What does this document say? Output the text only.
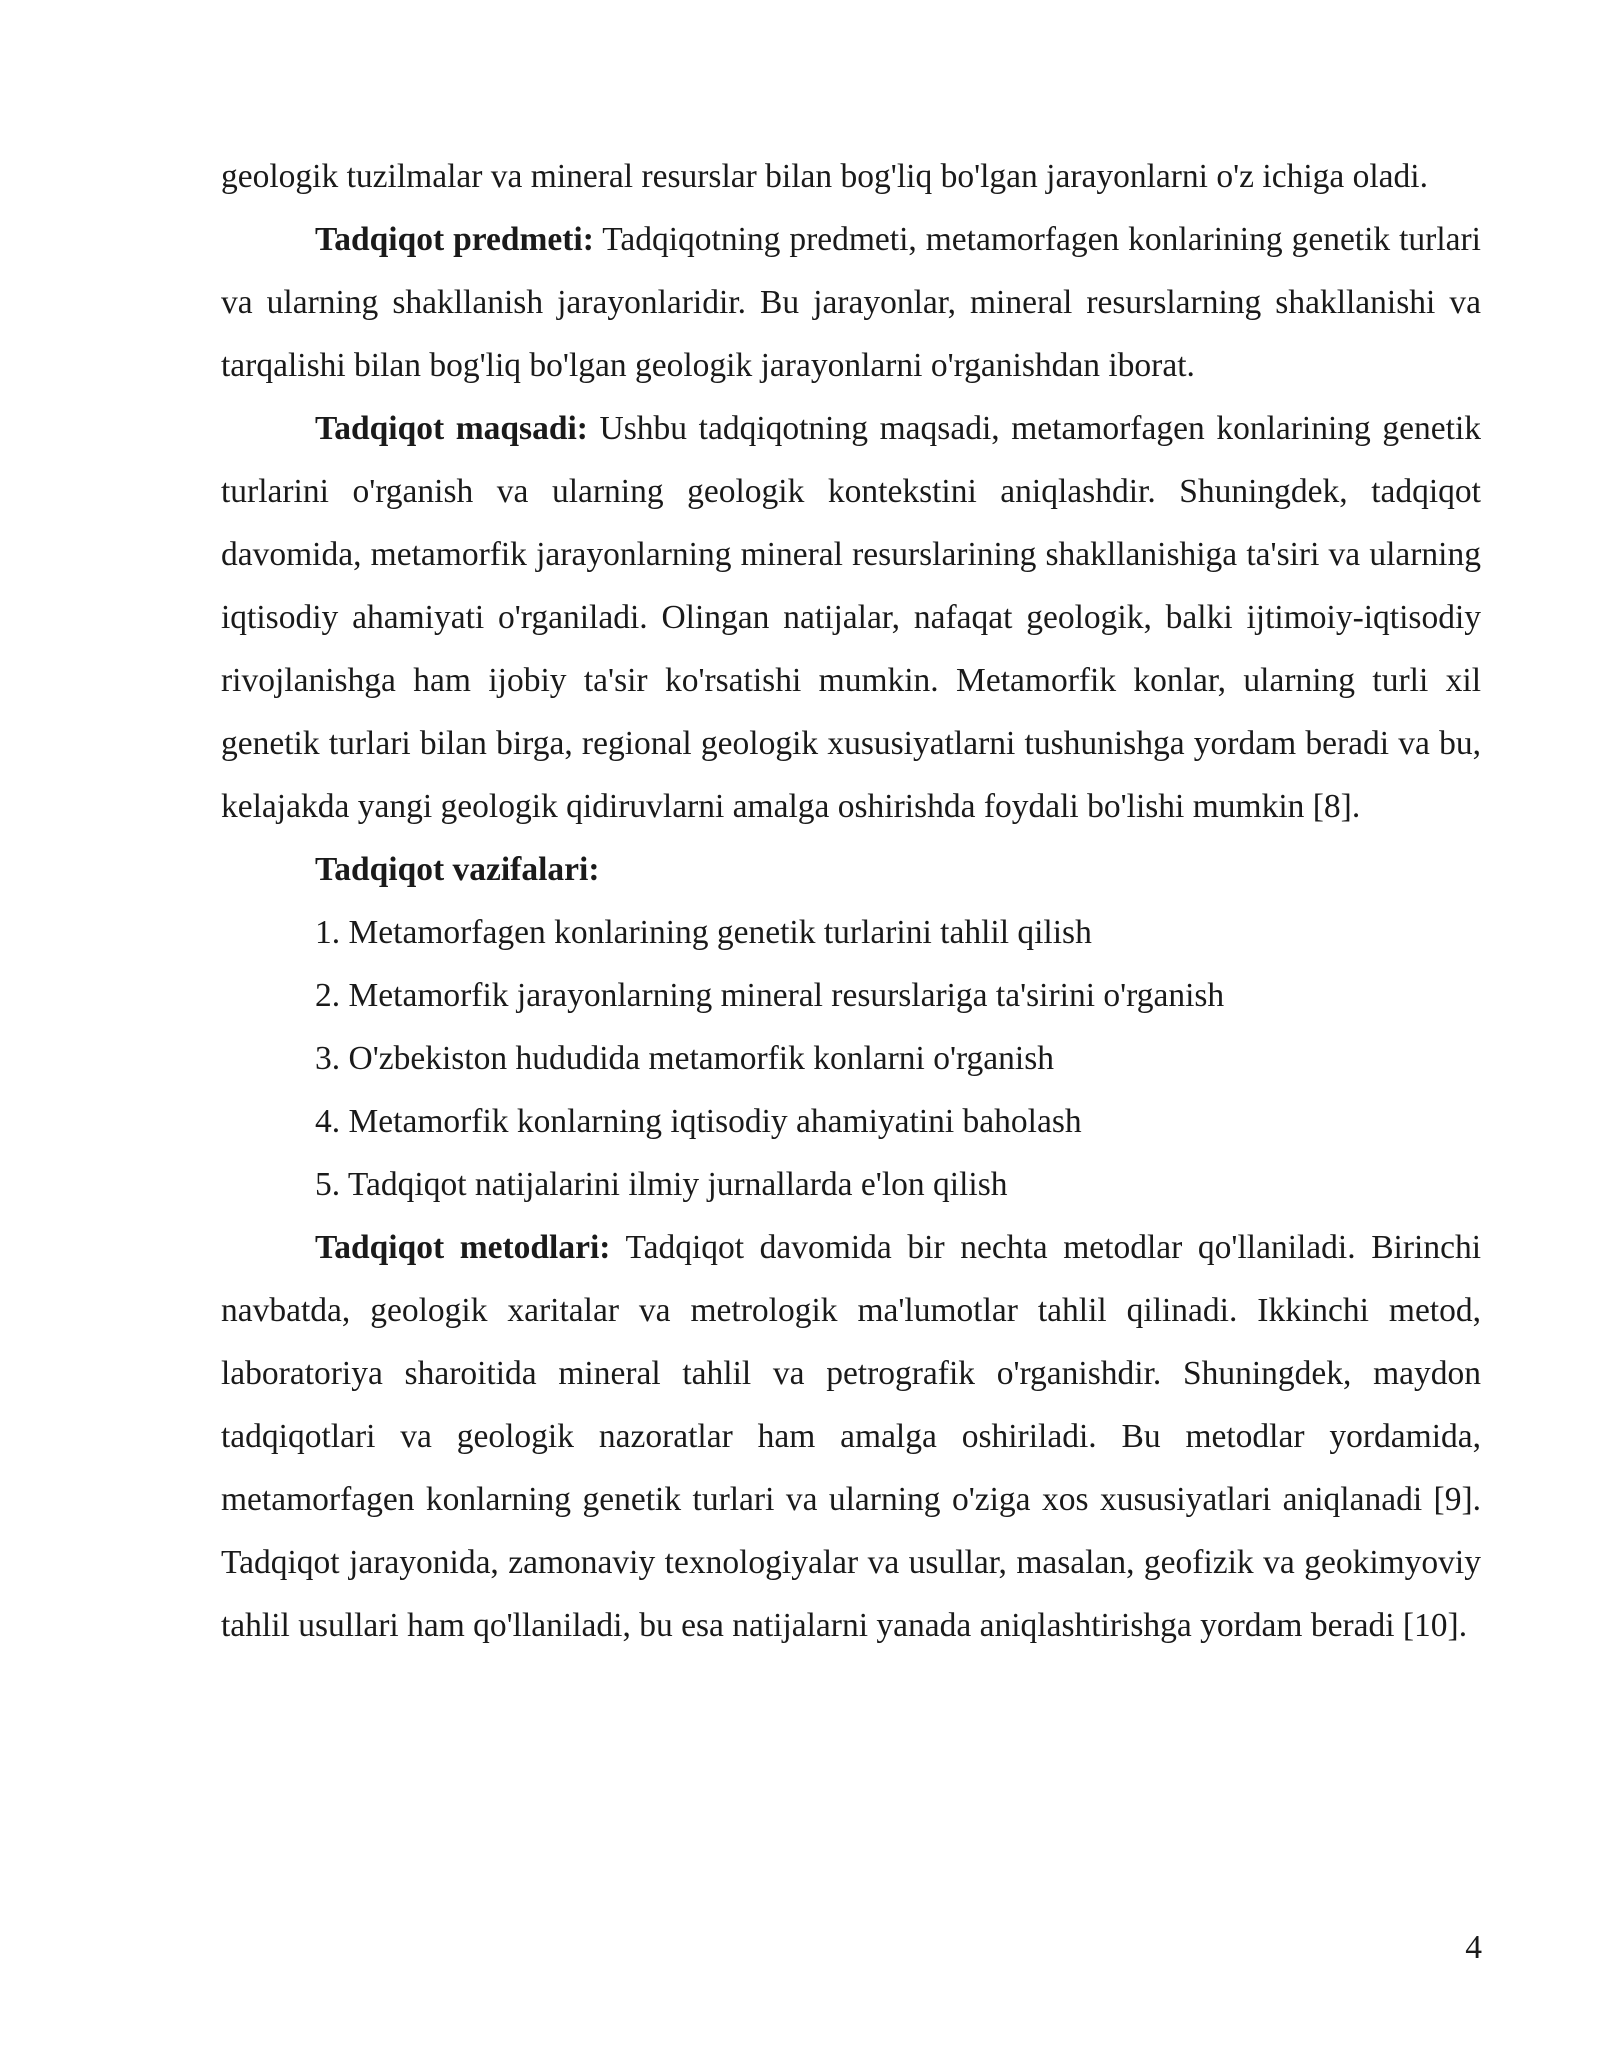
geologik tuzilmalar va mineral resurslar bilan bog'liq bo'lgan jarayonlarni o'z ichiga oladi.

Tadqiqot predmeti: Tadqiqotning predmeti, metamorfagen konlarining genetik turlari va ularning shakllanish jarayonlaridir. Bu jarayonlar, mineral resurslarning shakllanishi va tarqalishi bilan bog'liq bo'lgan geologik jarayonlarni o'rganishdan iborat.

Tadqiqot maqsadi: Ushbu tadqiqotning maqsadi, metamorfagen konlarining genetik turlarini o'rganish va ularning geologik kontekstini aniqlashdir. Shuningdek, tadqiqot davomida, metamorfik jarayonlarning mineral resurslarining shakllanishiga ta'siri va ularning iqtisodiy ahamiyati o'rganiladi. Olingan natijalar, nafaqat geologik, balki ijtimoiy-iqtisodiy rivojlanishga ham ijobiy ta'sir ko'rsatishi mumkin. Metamorfik konlar, ularning turli xil genetik turlari bilan birga, regional geologik xususiyatlarni tushunishga yordam beradi va bu, kelajakda yangi geologik qidiruvlarni amalga oshirishda foydali bo'lishi mumkin [8].

Tadqiqot vazifalari:

1. Metamorfagen konlarining genetik turlarini tahlil qilish
2. Metamorfik jarayonlarning mineral resurslariga ta'sirini o'rganish
3. O'zbekiston hududida metamorfik konlarni o'rganish
4. Metamorfik konlarning iqtisodiy ahamiyatini baholash
5. Tadqiqot natijalarini ilmiy jurnallarda e'lon qilish

Tadqiqot metodlari: Tadqiqot davomida bir nechta metodlar qo'llaniladi. Birinchi navbatda, geologik xaritalar va metrologik ma'lumotlar tahlil qilinadi. Ikkinchi metod, laboratoriya sharoitida mineral tahlil va petrografik o'rganishdir. Shuningdek, maydon tadqiqotlari va geologik nazoratlar ham amalga oshiriladi. Bu metodlar yordamida, metamorfagen konlarning genetik turlari va ularning o'ziga xos xususiyatlari aniqlanadi [9]. Tadqiqot jarayonida, zamonaviy texnologiyalar va usullar, masalan, geofizik va geokimyoviy tahlil usullari ham qo'llaniladi, bu esa natijalarni yanada aniqlashtirishga yordam beradi [10].

4
